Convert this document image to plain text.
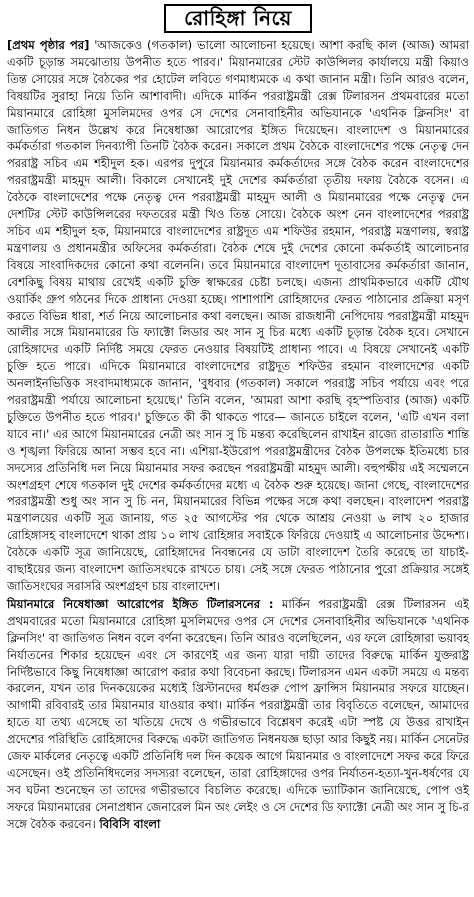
রোহিঙ্গা নিয়ে

[প্রথম পৃষ্ঠার পর] 'আজকেও (গতকাল) ভালো আলোচনা হয়েছে। আশা করছি কাল (আজ) আমরা একটি চূড়ান্ত সমঝোতায় উপনীত হতে পারব।' মিয়ানমারের স্টেট কাউন্সিলর কার্যালয়ে মন্ত্রী কিয়াও তিন্ত সোয়ের সঙ্গে বৈঠকের পর হোটেল লবিতে গণমাধ্যমকে এ কথা জানান মন্ত্রী। তিনি আরও বলেন, বিষয়টির সুরাহা নিয়ে তিনি আশাবাদী। এদিকে মার্কিন পররাষ্ট্রমন্ত্রী রেক্স টিলারসন প্রথমবারের মতো মিয়ানমারে রোহিঙ্গা মুসলিমদের ওপর সে দেশের সেনাবাহিনীর অভিযানকে 'এথনিক ক্লিনসিং' বা জাতিগত নিধন উল্লেখ করে নিষেধাজ্ঞা আরোপের ইঙ্গিত দিয়েছেন। বাংলাদেশ ও মিয়ানমারের কর্মকর্তারা গতকাল দিনব্যাপী তিনটি বৈঠক করেন। সকালে প্রথম বৈঠকে বাংলাদেশের পক্ষে নেতৃত্ব দেন পররাষ্ট্র সচিব এম শহীদুল হক। এরপর দুপুরে মিয়ানমার কর্মকর্তাদের সঙ্গে বৈঠক করেন বাংলাদেশের পররাষ্ট্রমন্ত্রী মাহমুদ আলী। বিকালে সেখানেই দুই দেশের কর্মকর্তারা তৃতীয় দফায় বৈঠকে বসেন। এ বৈঠকে বাংলাদেশের পক্ষে নেতৃত্ব দেন পররাষ্ট্রমন্ত্রী মাহমুদ আলী ও মিয়ানমারের পক্ষে নেতৃত্ব দেন দেশটির স্টেট কাউন্সিলরের দফতরের মন্ত্রী খিও তিন্ত সোয়ে। বৈঠকে অংশ নেন বাংলাদেশের পররাষ্ট্র সচিব এম শহীদুল হক, মিয়ানমারে বাংলাদেশের রাষ্ট্রদূত এম শফিউর রহমান, পররাষ্ট্র মন্ত্রণালয়, স্বরাষ্ট্র মন্ত্রণালয় ও প্রধানমন্ত্রীর অফিসের কর্মকর্তারা। বৈঠক শেষে দুই দেশের কোনো কর্মকর্তাই আলোচনার বিষয়ে সাংবাদিকদের কোনো কথা বলেননি। তবে মিয়ানমারে বাংলাদেশ দূতাবাসের কর্মকর্তারা জানান, বেশকিছু বিষয় মাথায় রেখেই একটি চুক্তি স্বাক্ষরের চেষ্টা চলছে। এজন্য প্রাথমিকভাবে একটি যৌথ ওয়ার্কিং গ্রুপ গঠনের দিকে প্রাধান্য দেওয়া হচ্ছে। পাশাপাশি রোহিঙ্গাদের ফেরত পাঠানোর প্রক্রিয়া মসৃণ করতে বিভিন্ন ধারা, শর্ত নিয়ে আলোচনার কথা বলছেন। আজ রাজধানী নেপিদোয় পররাষ্ট্রমন্ত্রী মাহমুদ আলীর সঙ্গে মিয়ানমারের ডি ফ্যাক্টো লিডার অং সান সু চির মধ্যে একটি চূড়ান্ত বৈঠক হবে। সেখানে রোহিঙ্গাদের একটি নির্দিষ্ট সময়ে ফেরত নেওয়ার বিষয়টিই প্রাধান্য পাবে। এ বিষয়ে সেখানেই একটি চুক্তি হতে পারে। এদিকে মিয়ানমারে বাংলাদেশের রাষ্ট্রদূত শফিউর রহমান বাংলাদেশের একটি অনলাইনভিত্তিক সংবাদমাধ্যমকে জানান, 'বুধবার (গতকাল) সকালে পররাষ্ট্র সচিব পর্যায়ে এবং পরে পররাষ্ট্রমন্ত্রী পর্যায়ে আলোচনা হয়েছে।' তিনি বলেন, 'আমরা আশা করছি বৃহস্পতিবার (আজ) একটি চুক্তিতে উপনীত হতে পারব।' চুক্তিতে কী কী থাকতে পারে— জানতে চাইলে বলেন, 'এটি এখন বলা যাবে না।' এর আগে মিয়ানমারের নেত্রী অং সান সু চি মন্তব্য করেছিলেন রাখাইন রাজ্যে রাতারাতি শান্তি ও শৃঙ্খলা ফিরিয়ে আনা সম্ভব হবে না। এশিয়া-ইউরোপ পররাষ্ট্রমন্ত্রীদের বৈঠক উপলক্ষে ইতিমধ্যে চার সদস্যের প্রতিনিধি দল নিয়ে মিয়ানমার সফর করছেন পররাষ্ট্রমন্ত্রী মাহমুদ আলী। বহুপক্ষীয় এই সম্মেলনে অংশগ্রহণ শেষে গতকাল দুই দেশের কর্মকর্তাদের মধ্যে এ বৈঠক শুরু হয়েছে। জানা গেছে, বাংলাদেশের পররাষ্ট্রমন্ত্রী শুধু অং সান সু চি নন, মিয়ানমারের বিভিন্ন পক্ষের সঙ্গে কথা বলছেন। বাংলাদেশ পররাষ্ট্র মন্ত্রণালয়ের একটি সূত্র জানায়, গত ২৫ আগস্টের পর থেকে আশ্রয় নেওয়া ৬ লাখ ২০ হাজার রোহিঙ্গাসহ বাংলাদেশে থাকা প্রায় ১০ লাখ রোহিঙ্গার সবাইকে ফিরিয়ে দেওয়াই এ আলোচনার উদ্দেশ্য। বৈঠকে একটি সূত্র জানিয়েছে, রোহিঙ্গাদের নিবন্ধনের যে ডাটা বাংলাদেশ তৈরি করেছে তা যাচাই-বাছাইয়ের জন্য বাংলাদেশ জাতিসংঘকে রাখতে চায়। সেই সঙ্গে ফেরত পাঠানোর পুরো প্রক্রিয়ার সঙ্গেই জাতিসংঘের সরাসরি অংশগ্রহণ চায় বাংলাদেশ।

মিয়ানমারে নিষেধাজ্ঞা আরোপের ইঙ্গিত টিলারসনের : মার্কিন পররাষ্ট্রমন্ত্রী রেক্স টিলারসন এই প্রথমবারের মতো মিয়ানমারে রোহিঙ্গা মুসলিমদের ওপর সে দেশের সেনাবাহিনীর অভিযানকে 'এথনিক ক্লিনসিং' বা জাতিগত নিধন বলে বর্ণনা করেছেন। তিনি আরও বলেছিলেন, এর ফলে রোহিঙ্গারা ভয়াবহ নির্যাতনের শিকার হয়েছেন এবং সে কারণেই এর জন্য যারা দায়ী তাদের বিরুদ্ধে মার্কিন যুক্তরাষ্ট্র নির্দিষ্টভাবে কিছু নিষেধাজ্ঞা আরোপ করার কথা বিবেচনা করছে। টিলারসন এমন একটা সময়ে এ মন্তব্য করলেন, যখন তার দিনকয়েকের মধ্যেই খ্রিস্টানদের ধর্মগুরু পোপ ফ্রান্সিস মিয়ানমার সফরে যাচ্ছেন। আগামী রবিবারই তার মিয়ানমার যাওয়ার কথা। মার্কিন পররাষ্ট্রমন্ত্রী তার বিবৃতিতে বলেছেন, আমাদের হাতে যা তথ্য এসেছে তা খতিয়ে দেখে ও গভীরভাবে বিশ্লেষণ করেই এটা স্পষ্ট যে উত্তর রাখাইন প্রদেশের পরিস্থিতি রোহিঙ্গাদের বিরুদ্ধে একটা জাতিগত নিধনযজ্ঞ ছাড়া আর কিছুই নয়। মার্কিন সেনেটর জেফ মার্কলের নেতৃত্বে একটি প্রতিনিধি দল দিন কয়েক আগে মিয়ানমার ও বাংলাদেশে সফর করে ফিরে এসেছেন। ওই প্রতিনিধিদলের সদস্যরা বলেছেন, তারা রোহিঙ্গাদের ওপর নির্যাতন-হত্যা-খুন-ধর্ষণের যে সব ঘটনা শুনেছেন তা তাদের গভীরভাবে বিচলিত করেছে। এদিকে ভ্যাটিকান জানিয়েছে, পোপ ওই সফরে মিয়ানমারের সেনাপ্রধান জেনারেল মিন অং লেইং ও সে দেশের ডি ফ্যাক্টো নেত্রী অং সান সু চি-র সঙ্গে বৈঠক করবেন। বিবিসি বাংলা
